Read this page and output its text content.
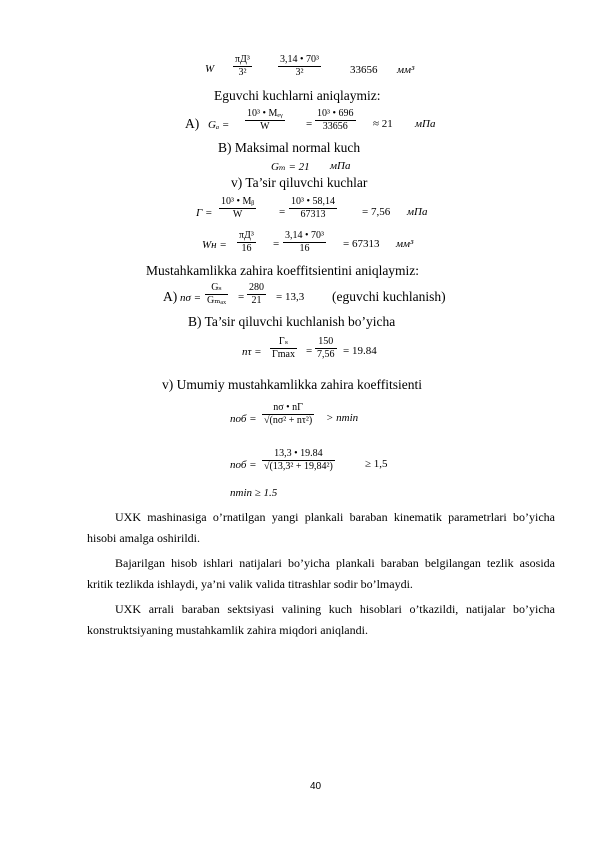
W
πД³
3²	$\frac{\text{3,14 • 70³}}{\text{3²}}$	33656 мм³
Eguvchi kuchlarni aniqlaymiz:
A) Gₐ =
10³ • Mₑᵧ
W	= $\frac{\text{10³ • 696}}{33656} \approx 21$ мПа
B) Maksimal normal kuch
Gₘ = 21 мПа
v) Ta’sir qiluvchi kuchlar
$Г = \frac{\text{10³ • Mᵦ}}{W} = \frac{\text{10³ • 58,14}}{67313} = 7,56$ мПа
Wн =
πД³
16	= $\frac{\text{3,14 • 70³}}{16} = 67313$ мм³
Mustahkamlikka zahira koeffitsientini aniqlaymiz:
A) nσ =
Gₛ
$G_{max} = \frac{280}{21} = 13,3$ (eguvchi kuchlanish)
B) Ta’sir qiluvchi kuchlanish bo’yicha
nτ =
Гₛ
$Г\max = \frac{150}{7,56} = 19.84$
v) Umumiy mustahkamlikka zahira koeffitsienti
nоб =
nσ • nГ
√(nσ² + nτ²) > nmin
nоб = $\frac{13,3 • 19.84}{\text{√(13,3² + 19,84²)}}$	≥ 1,5
nmin ≥ 1.5

UXK mashinasiga o’rnatilgan yangi plankali baraban kinematik parametrlari bo’yicha hisobi amalga oshirildi.

Bajarilgan hisob ishlari natijalari bo’yicha plankali baraban belgilangan tezlik asosida kritik tezlikda ishlaydi, ya’ni valik valida titrashlar sodir bo’lmaydi.

UXK arrali baraban sektsiyasi valining kuch hisoblari o’tkazildi, natijalar bo’yicha konstruktsiyaning mustahkamlik zahira miqdori aniqlandi.

40
